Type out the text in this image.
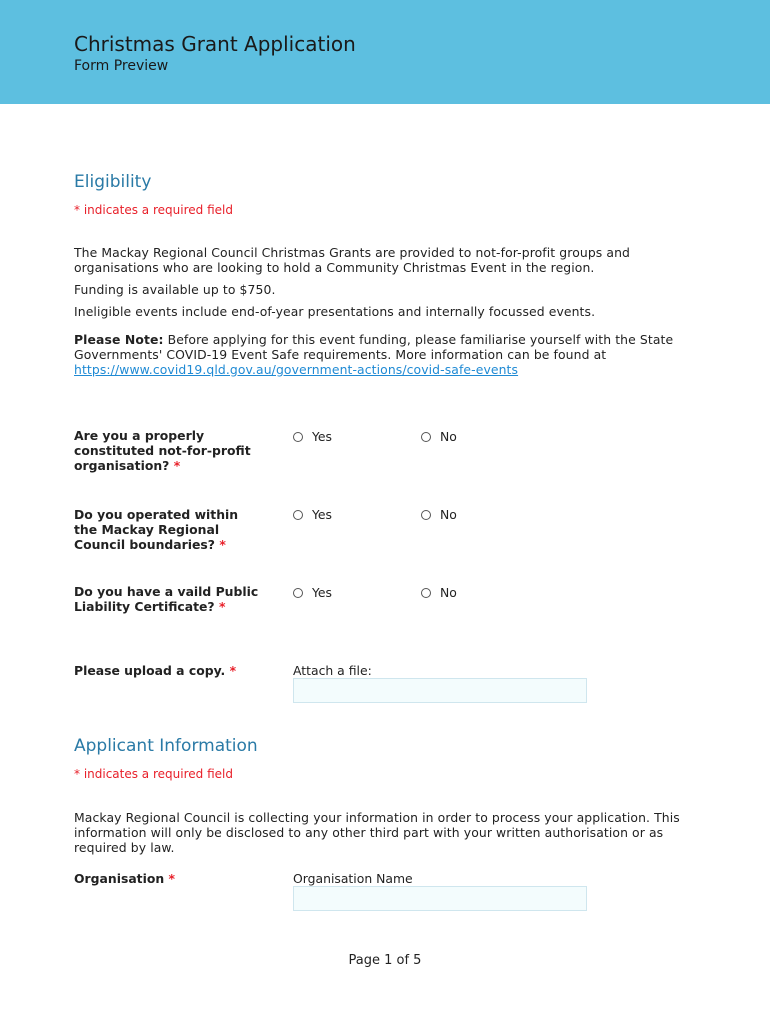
Christmas Grant Application
Form Preview
Eligibility
* indicates a required field
The Mackay Regional Council Christmas Grants are provided to not-for-profit groups and organisations who are looking to hold a Community Christmas Event in the region.
Funding is available up to $750.
Ineligible events include end-of-year presentations and internally focussed events.
Please Note: Before applying for this event funding, please familiarise yourself with the State Governments' COVID-19 Event Safe requirements. More information can be found at
https://www.covid19.qld.gov.au/government-actions/covid-safe-events
Are you a properly constituted not-for-profit organisation? *
Yes	No
Do you operated within the Mackay Regional Council boundaries? *
Yes	No
Do you have a vaild Public Liability Certificate? *
Yes	No
Please upload a copy. *	Attach a file:
Applicant Information
* indicates a required field
Mackay Regional Council is collecting your information in order to process your application. This information will only be disclosed to any other third part with your written authorisation or as required by law.
Organisation *	Organisation Name
Page 1 of 5
